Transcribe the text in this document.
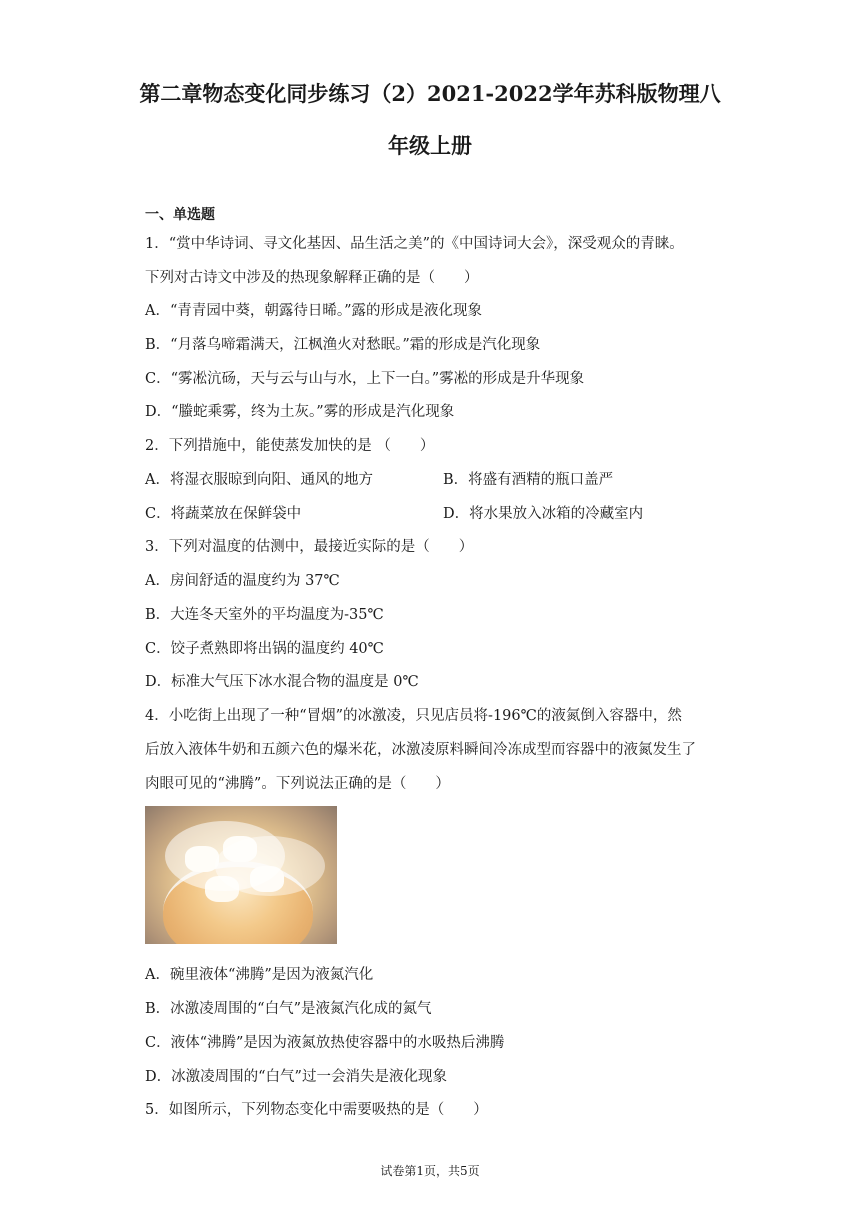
第二章物态变化同步练习（2）2021-2022学年苏科版物理八
年级上册
一、单选题
1．“赏中华诗词、寻文化基因、品生活之美”的《中国诗词大会》，深受观众的青睐。
下列对古诗文中涉及的热现象解释正确的是（　　）
A．“青青园中葵，朝露待日晞。”露的形成是液化现象
B．“月落乌啼霜满天，江枫渔火对愁眠。”霜的形成是汽化现象
C．“雾凇沆砀，天与云与山与水，上下一白。”雾凇的形成是升华现象
D．“螣蛇乘雾，终为土灰。”雾的形成是汽化现象
2．下列措施中，能使蒸发加快的是 （　　）
A．将湿衣服晾到向阳、通风的地方	B．将盛有酒精的瓶口盖严
C．将蔬菜放在保鲜袋中	D．将水果放入冰箱的冷藏室内
3．下列对温度的估测中，最接近实际的是（　　）
A．房间舒适的温度约为 37℃
B．大连冬天室外的平均温度为-35℃
C．饺子煮熟即将出锅的温度约 40℃
D．标准大气压下冰水混合物的温度是 0℃
4．小吃街上出现了一种“冒烟”的冰激凌，只见店员将-196℃的液氮倒入容器中，然
后放入液体牛奶和五颜六色的爆米花，冰激凌原料瞬间冷冻成型而容器中的液氮发生了
肉眼可见的“沸腾”。下列说法正确的是（　　）
A．碗里液体“沸腾”是因为液氮汽化
B．冰激凌周围的“白气”是液氮汽化成的氮气
C．液体“沸腾”是因为液氮放热使容器中的水吸热后沸腾
D．冰激凌周围的“白气”过一会消失是液化现象
5．如图所示，下列物态变化中需要吸热的是（　　）
试卷第1页，共5页
